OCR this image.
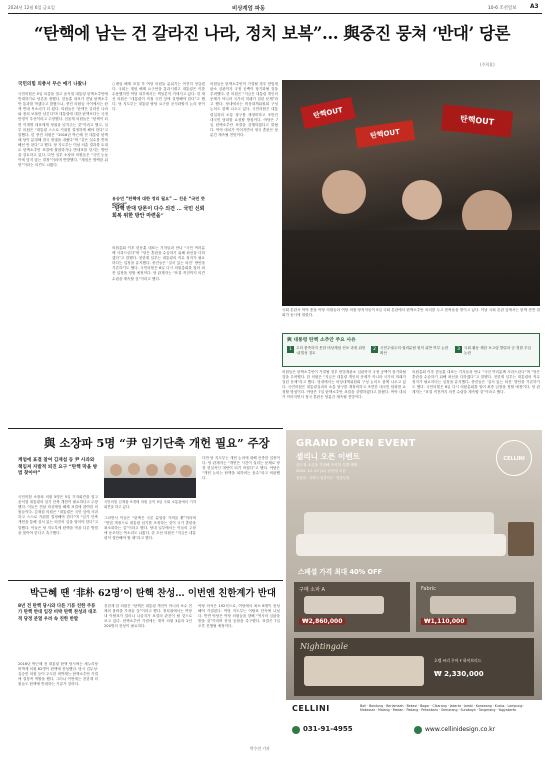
2024년 12월 6일 금요일	비상계엄 파동	10-6 조선일보 A3
“탄핵에 남는 건 갈라진 나라, 정치 보복”… 與중진 뭉쳐 ‘반대’ 당론
(주희훈)
국민의힘 의총서 무슨 얘기 나왔나
국민의힘은 5일 의총을 열고 윤석열 대통령 탄핵소추안에 반대하기로 당론을 정했다. 한동훈 대표가 전날 탄핵소추안 통과를 막겠다고 밝혔으나, 중진 의원들 사이에서는 탄핵 반대 목소리가 더 컸다. 의원들은 ‘탄핵은 갈라진 나라와 정치 보복만 남긴다’며 대통령에 대한 탄핵보다는 국정 안정이 우선이라고 주장했다. 친윤계 의원들은 “탄핵이 되면 이재명 대표에게 정권을 넘겨주는 것”이라고 했고, 일부 의원은 “대통령 스스로 거취를 결정하게 해야 한다”고 말했다. 한 중진 의원은 “2016년 박근혜 전 대통령 탄핵 때 당이 분열해 결국 정권을 내줬다”며 “같은 실수를 반복해선 안 된다”고 했다. 당 지도부는 이날 의총 결과를 토대로 탄핵소추안 표결에 불참하거나 반대표를 던지는 방안을 검토하고 있다. 다만 일부 소장파 의원들은 “국민 눈높이에 맞지 않는 결정”이라며 반발했다. “계엄은 명백한 위헌”이라는 의견도 나왔다.
○계엄 해제 표결 후 여당 의원들 분위기는 여전히 엇갈렸다. 국회는 계엄 해제 요구안을 통과시켰고 대통령은 이를 수용했지만 여당 내부에서는 책임론이 거세지고 있다. 한 재선 의원은 “대통령이 직접 국민 앞에 설명해야 한다”고 했다. 당 지도부는 대통령 탈당 요구를 공식화할지 논의 중이다.
유승민 “탄핵에 대한 정리 필요” … 친윤 “국민 뜻 따라야”
“탄핵 반대 당론이 다수 의견 … 국민 신뢰 회복 위한 방안 마련을”
의원총회 이후 한동훈 대표는 기자들과 만나 “국민 여러분께 사과드린다”며 “당은 혼란을 수습하기 위해 최선을 다하겠다”고 말했다. 친한계 일부는 대통령의 직무 정지가 필요하다는 입장을 유지했다. 중진들은 ‘질서 있는 퇴진’ 방안을 거론하기도 했다. 국민의힘은 6일 다시 의원총회를 열어 최종 입장을 정할 예정이다. 당 관계자는 “표결 직전까지 의견 수렴을 계속할 것”이라고 했다.
의원들은 탄핵소추안이 가결될 경우 헌법재판소 심판까지 국정 공백이 장기화될 것을 우려했다. 한 의원은 “지금은 대통령 개인의 문제가 아니라 국가의 미래가 걸린 문제”라고 했다. 당내에서는 비상대책위원회 구성 논의도 함께 나오고 있다. 국민의힘은 대통령실과의 소통 창구를 재정비하고 조만간 대국민 담화를 요청할 방침이다. 야당은 7일 탄핵소추안 표결을 강행하겠다고 밝혔다. 여야 대치가 이어지면서 정국 혼란은 당분간 계속될 전망이다.
탄핵OUT
탄핵OUT
탄핵OUT
국회 본관서 여야 충돌 야당 의원들과 여당 의원·당직자들이 5일 국회 본관에서 탄핵소추안 처리를 두고 몸싸움을 벌이고 있다. 이날 국회 본관 앞에서는 탄핵 찬반 집회가 동시에 열렸다.
與 대통령 탄핵 소추안 주요 사유
1	고의 충족하지 못한 비상계엄 선포 과정 위헌·위법성 검토
2	국민주권주의·권력분립 원칙 위반 여부 논란 확산
3	국회 활동 제한 포고령 발령과 군·경찰 투입 논란
의원들은 탄핵소추안이 가결될 경우 헌법재판소 심판까지 국정 공백이 장기화될 것을 우려했다. 한 의원은 “지금은 대통령 개인의 문제가 아니라 국가의 미래가 걸린 문제”라고 했다. 당내에서는 비상대책위원회 구성 논의도 함께 나오고 있다. 국민의힘은 대통령실과의 소통 창구를 재정비하고 조만간 대국민 담화를 요청할 방침이다. 야당은 7일 탄핵소추안 표결을 강행하겠다고 밝혔다. 여야 대치가 이어지면서 정국 혼란은 당분간 계속될 전망이다.
의원총회 이후 한동훈 대표는 기자들과 만나 “국민 여러분께 사과드린다”며 “당은 혼란을 수습하기 위해 최선을 다하겠다”고 말했다. 친한계 일부는 대통령의 직무 정지가 필요하다는 입장을 유지했다. 중진들은 ‘질서 있는 퇴진’ 방안을 거론하기도 했다. 국민의힘은 6일 다시 의원총회를 열어 최종 입장을 정할 예정이다. 당 관계자는 “표결 직전까지 의견 수렴을 계속할 것”이라고 했다.
與 소장파 5명 “尹 임기단축 개헌 필요” 주장
계엄에 표결 참여 김재섭 등 尹 사과와 책임져 자발적 퇴진 요구 “탄핵 막을 방법 찾아야”
국민의힘 소장파 의원 5명은 5일 기자회견을 열고 윤석열 대통령의 임기 단축 개헌이 필요하다고 주장했다. 이들은 전날 비상계엄 해제 표결에 참여한 의원들이다. 김재섭 의원은 “대통령은 국민 앞에 사과하고 스스로 거취를 결정해야 한다”며 “임기 단축 개헌을 통해 질서 있는 퇴진의 길을 열어야 한다”고 말했다. 이들은 당 지도부에 탄핵을 막을 다른 방법을 찾아야 한다고 촉구했다.
국민의힘 김재섭·조경태 의원 등이 5일 국회 소통관에서 기자회견을 하고 있다.
그러면서 이들은 “탄핵은 국론 분열을 가져올 뿐”이라며 “헌법 개정으로 대통령 임기를 조정하는 것이 국가 혼란을 최소화하는 길”이라고 했다. 당내 일부에서는 이들의 주장에 동조하는 목소리도 나왔다. 한 초선 의원은 “지금은 대통령이 결단해야 할 때”라고 했다.
다만 당 지도부는 개헌 논의에 대해 신중한 입장이다. 당 관계자는 “개헌은 시간이 걸리는 문제로 당장 현실적인 대안이 되기 어렵다”고 했다. 야당은 “개헌 논의는 탄핵을 피하려는 꼼수”라고 비판했다.
박근혜 땐 ‘非朴 62명’이 탄핵 찬성… 이번엔 친한계가 반대
8년 전 탄핵 당시와 다른 기류 친한 주류가 탄핵 반대 입장 비박 탄핵 찬성과 대조적 당정 분열 우려 속 친한 반발
2016년 박근혜 전 대통령 탄핵 당시에는 새누리당 비박계 의원 62명이 탄핵에 찬성했다. 당시 김무성·유승민 의원 등이 주도한 비박계는 탄핵소추안 가결에 결정적 역할을 했다. 그러나 이번에는 친한계 의원들도 탄핵에 반대하는 기류가 강하다.
친한계 한 의원은 “탄핵은 대통령 개인이 아니라 보수 전체의 몰락을 가져올 것”이라고 했다. 정치권에서는 여당 내 이탈표가 얼마나 나올지가 표결의 관건이 될 것으로 보고 있다. 탄핵소추안 가결에는 재적 의원 3분의 2인 200명의 찬성이 필요하다.
야당 의석은 192석으로, 여당에서 최소 8명이 찬성해야 가결된다. 여당 지도부는 이탈표 단속에 나섰다. 반면 야당은 여당 의원들을 향해 “역사의 심판을 받을 것”이라며 찬성 동참을 촉구했다. 표결은 7일 오후 진행될 예정이다.
박수민 기자
GRAND OPEN EVENT
셀리니 오픈 이벤트
상도점 오픈을 기념해 준비한 특별 혜택
2024. 12. 07 (토) 일산점 오픈
일산점 · 고양시 일산서구 · 연중무휴
CELLINI
스페셜 가격 최대 40% OFF
구매 소파 A
₩2,860,000
Fabric
₩1,110,000
Nightingale
호텔 씨리 무아 F 하이브리드
₩ 2,330,000
CELLINI	Bali · Bandung · Berjamaah · Bekasi · Bogor · Cikarang · Jakarta · Jambi · Karawang · Kudus · Lampung · Makassar · Malang · Medan · Padang · Pekanbaru · Semarang · Surabaya · Tangerang · Yogyakarta
031-91-4955	www.cellinidesign.co.kr
